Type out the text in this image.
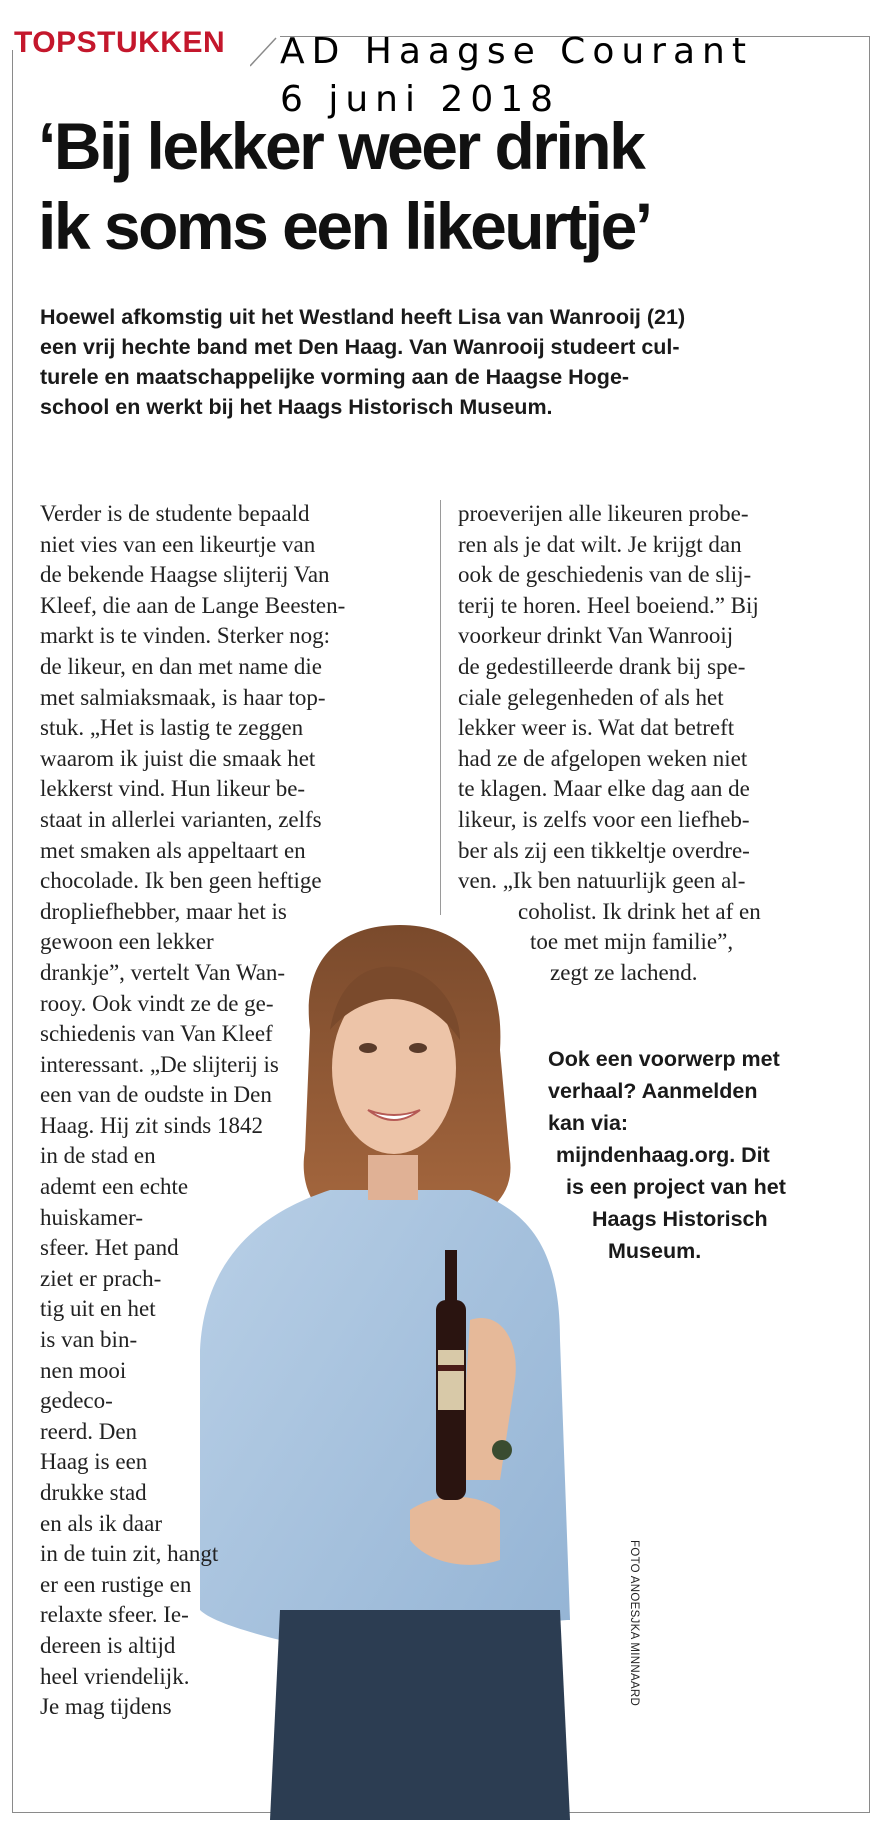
TOPSTUKKEN AD Haagse Courant
6 juni 2018
‘Bij lekker weer drink
ik soms een likeurtje’
Hoewel afkomstig uit het Westland heeft Lisa van Wanrooij (21)
een vrij hechte band met Den Haag. Van Wanrooij studeert cul-
turele en maatschappelijke vorming aan de Haagse Hoge-
school en werkt bij het Haags Historisch Museum.
Verder is de studente bepaald
niet vies van een likeurtje van
de bekende Haagse slijterij Van
Kleef, die aan de Lange Beesten-
markt is te vinden. Sterker nog:
de likeur, en dan met name die
met salmiaksmaak, is haar top-
stuk. „Het is lastig te zeggen
waarom ik juist die smaak het
lekkerst vind. Hun likeur be-
staat in allerlei varianten, zelfs
met smaken als appeltaart en
chocolade. Ik ben geen heftige
dropliefhebber, maar het is
gewoon een lekker
drankje”, vertelt Van Wan-
rooy. Ook vindt ze de ge-
schiedenis van Van Kleef
interessant. „De slijterij is
een van de oudste in Den
Haag. Hij zit sinds 1842
in de stad en
ademt een echte
huiskamer-
sfeer. Het pand
ziet er prach-
tig uit en het
is van bin-
nen mooi
gedeco-
reerd. Den
Haag is een
drukke stad
en als ik daar
in de tuin zit, hangt
er een rustige en
relaxte sfeer. Ie-
dereen is altijd
heel vriendelijk.
Je mag tijdens
proeverijen alle likeuren probe-
ren als je dat wilt. Je krijgt dan
ook de geschiedenis van de slij-
terij te horen. Heel boeiend.” Bij
voorkeur drinkt Van Wanrooij
de gedestilleerde drank bij spe-
ciale gelegenheden of als het
lekker weer is. Wat dat betreft
had ze de afgelopen weken niet
te klagen. Maar elke dag aan de
likeur, is zelfs voor een liefheb-
ber als zij een tikkeltje overdre-
ven. „Ik ben natuurlijk geen al-
coholist. Ik drink het af en
toe met mijn familie”,
zegt ze lachend.
Ook een voorwerp met
verhaal? Aanmelden
kan via:
mijndenhaag.org. Dit
is een project van het
Haags Historisch
Museum.
FOTO ANOESJKA MINNAARD
